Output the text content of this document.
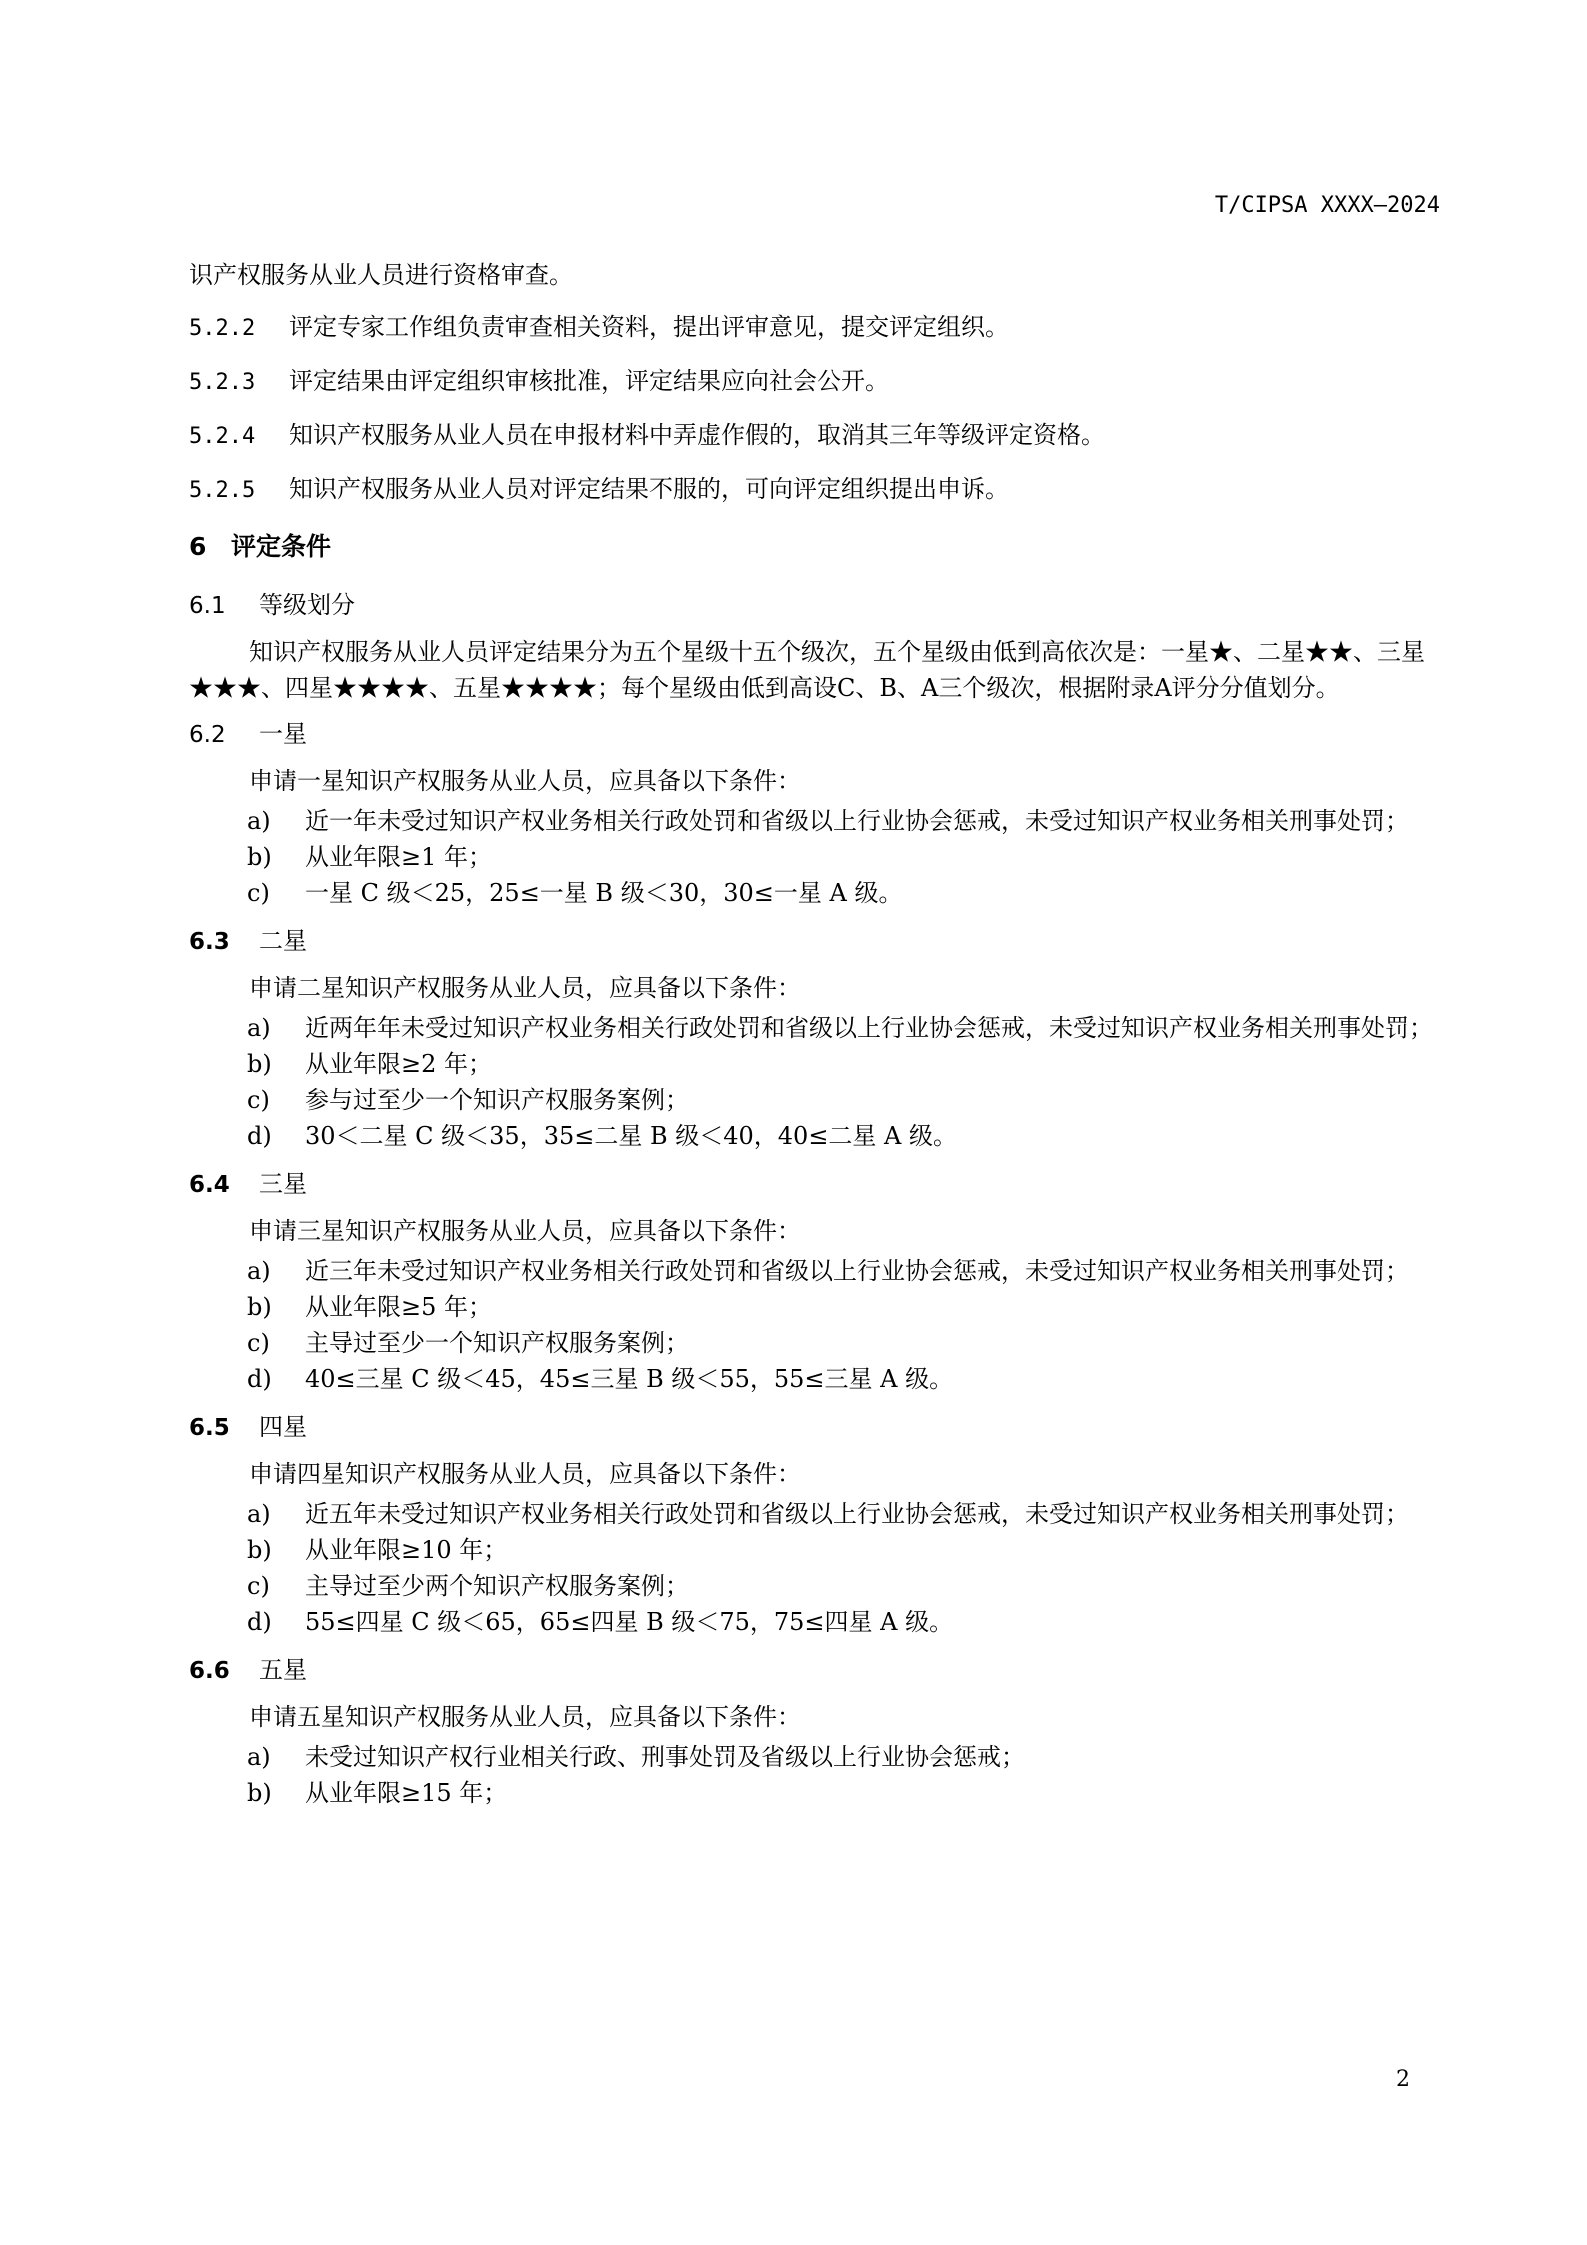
T/CIPSA XXXX—2024

识产权服务从业人员进行资格审查。

5.2.2 评定专家工作组负责审查相关资料，提出评审意见，提交评定组织。

5.2.3 评定结果由评定组织审核批准，评定结果应向社会公开。

5.2.4 知识产权服务从业人员在申报材料中弄虚作假的，取消其三年等级评定资格。

5.2.5 知识产权服务从业人员对评定结果不服的，可向评定组织提出申诉。

6 评定条件

6.1 等级划分

知识产权服务从业人员评定结果分为五个星级十五个级次，五个星级由低到高依次是：一星★、二星★★、三星★★★、四星★★★★、五星★★★★；每个星级由低到高设C、B、A三个级次，根据附录A评分分值划分。

6.2 一星

申请一星知识产权服务从业人员，应具备以下条件：

a) 近一年未受过知识产权业务相关行政处罚和省级以上行业协会惩戒，未受过知识产权业务相关刑事处罚；
b) 从业年限≥1 年；
c) 一星 C 级＜25，25≤一星 B 级＜30，30≤一星 A 级。

6.3 二星

申请二星知识产权服务从业人员，应具备以下条件：

a) 近两年年未受过知识产权业务相关行政处罚和省级以上行业协会惩戒，未受过知识产权业务相关刑事处罚；
b) 从业年限≥2 年；
c) 参与过至少一个知识产权服务案例；
d) 30＜二星 C 级＜35，35≤二星 B 级＜40，40≤二星 A 级。

6.4 三星

申请三星知识产权服务从业人员，应具备以下条件：

a) 近三年未受过知识产权业务相关行政处罚和省级以上行业协会惩戒，未受过知识产权业务相关刑事处罚；
b) 从业年限≥5 年；
c) 主导过至少一个知识产权服务案例；
d) 40≤三星 C 级＜45，45≤三星 B 级＜55，55≤三星 A 级。

6.5 四星

申请四星知识产权服务从业人员，应具备以下条件：

a) 近五年未受过知识产权业务相关行政处罚和省级以上行业协会惩戒，未受过知识产权业务相关刑事处罚；
b) 从业年限≥10 年；
c) 主导过至少两个知识产权服务案例；
d) 55≤四星 C 级＜65，65≤四星 B 级＜75，75≤四星 A 级。

6.6 五星

申请五星知识产权服务从业人员，应具备以下条件：

a) 未受过知识产权行业相关行政、刑事处罚及省级以上行业协会惩戒；
b) 从业年限≥15 年；
2
